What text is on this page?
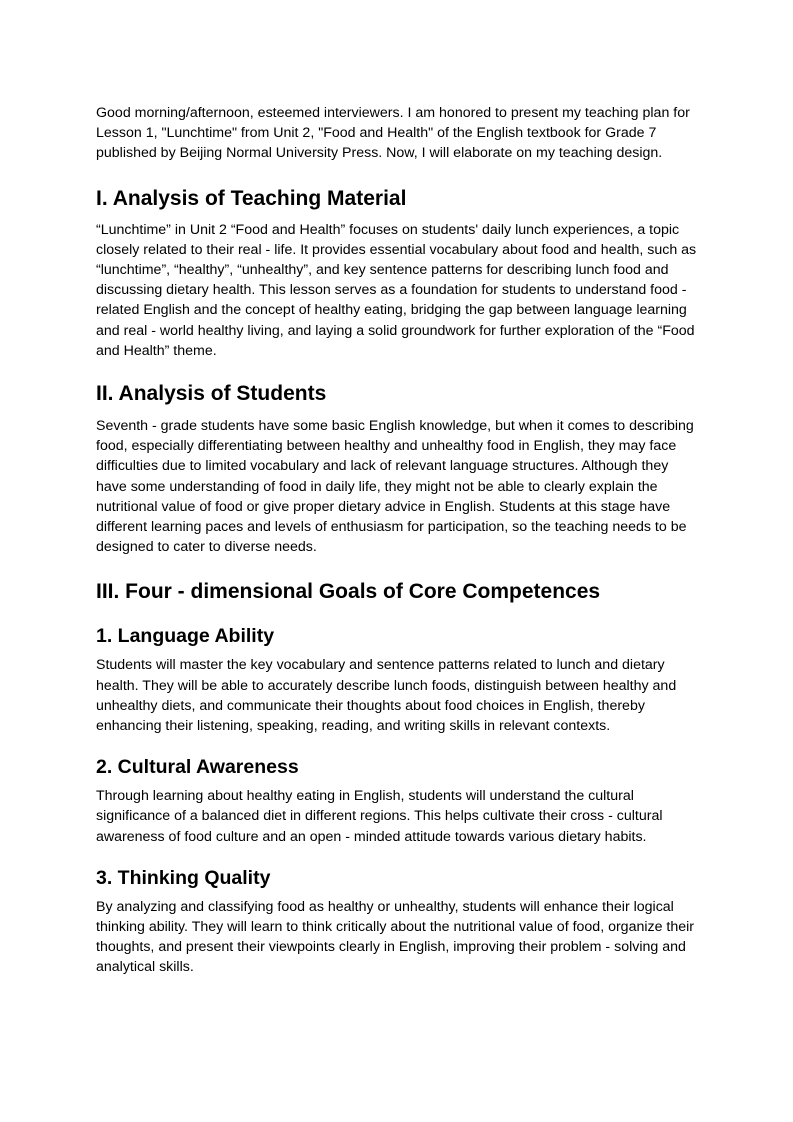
Good morning/afternoon, esteemed interviewers. I am honored to present my teaching plan for Lesson 1, "Lunchtime" from Unit 2, "Food and Health" of the English textbook for Grade 7 published by Beijing Normal University Press. Now, I will elaborate on my teaching design.

I. Analysis of Teaching Material

“Lunchtime” in Unit 2 “Food and Health” focuses on students' daily lunch experiences, a topic closely related to their real - life. It provides essential vocabulary about food and health, such as “lunchtime”, “healthy”, “unhealthy”, and key sentence patterns for describing lunch food and discussing dietary health. This lesson serves as a foundation for students to understand food - related English and the concept of healthy eating, bridging the gap between language learning and real - world healthy living, and laying a solid groundwork for further exploration of the “Food and Health” theme.

II. Analysis of Students

Seventh - grade students have some basic English knowledge, but when it comes to describing food, especially differentiating between healthy and unhealthy food in English, they may face difficulties due to limited vocabulary and lack of relevant language structures. Although they have some understanding of food in daily life, they might not be able to clearly explain the nutritional value of food or give proper dietary advice in English. Students at this stage have different learning paces and levels of enthusiasm for participation, so the teaching needs to be designed to cater to diverse needs.

III. Four - dimensional Goals of Core Competences
1. Language Ability

Students will master the key vocabulary and sentence patterns related to lunch and dietary health. They will be able to accurately describe lunch foods, distinguish between healthy and unhealthy diets, and communicate their thoughts about food choices in English, thereby enhancing their listening, speaking, reading, and writing skills in relevant contexts.

2. Cultural Awareness

Through learning about healthy eating in English, students will understand the cultural significance of a balanced diet in different regions. This helps cultivate their cross - cultural awareness of food culture and an open - minded attitude towards various dietary habits.

3. Thinking Quality

By analyzing and classifying food as healthy or unhealthy, students will enhance their logical thinking ability. They will learn to think critically about the nutritional value of food, organize their thoughts, and present their viewpoints clearly in English, improving their problem - solving and analytical skills.
